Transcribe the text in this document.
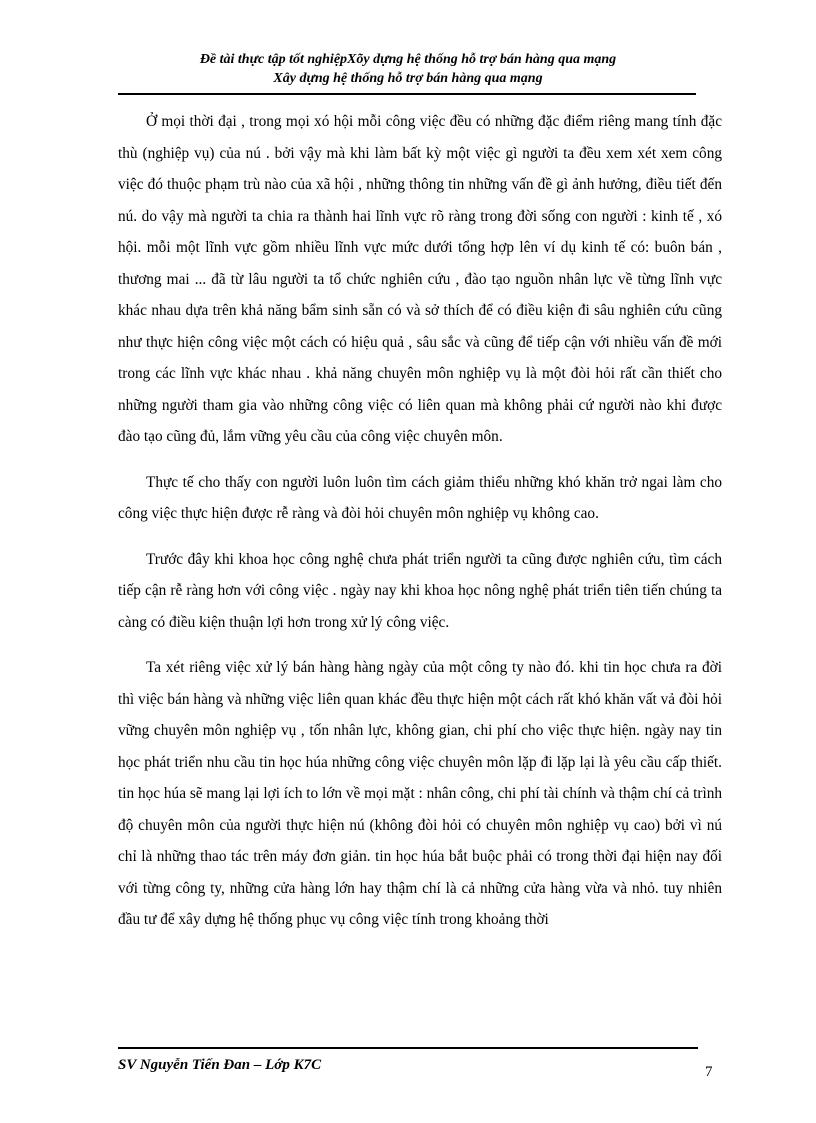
Đề tài thực tập tốt nghiệpXõy dựng hệ thống hỗ trợ bán hàng qua mạng
Xây dựng hệ thống hỗ trợ bán hàng qua mạng

Ở mọi thời đại , trong mọi xó hội mỗi công việc đều có những đặc điểm riêng mang tính đặc thù (nghiệp vụ) của nú . bởi vậy mà khi làm bất kỳ một việc gì người ta đều xem xét xem công việc đó thuộc phạm trù nào của xã hội , những thông tin những vấn đề gì ảnh hưởng, điều tiết đến nú. do vậy mà người ta chia ra thành hai lĩnh vực rõ ràng trong đời sống con người : kinh tế , xó hội. mỗi một lĩnh vực gồm nhiều lĩnh vực mức dưới tổng hợp lên ví dụ kinh tế có: buôn bán , thương mai ... đã từ lâu người ta tổ chức nghiên cứu , đào tạo nguồn nhân lực về từng lĩnh vực khác nhau dựa trên khả năng bẩm sinh sẵn có và sở thích để có điều kiện đi sâu nghiên cứu cũng như thực hiện công việc một cách có hiệu quả , sâu sắc và cũng để tiếp cận với nhiều vấn đề mới trong các lĩnh vực khác nhau . khả năng chuyên môn nghiệp vụ là một đòi hỏi rất cần thiết cho những người tham gia vào những công việc có liên quan mà không phải cứ người nào khi được đào tạo cũng đủ, lắm vững yêu cầu của công việc chuyên môn.

Thực tế cho thấy con người luôn luôn tìm cách giảm thiểu những khó khăn trở ngai làm cho công việc thực hiện được rễ ràng và đòi hỏi chuyên môn nghiệp vụ không cao.

Trước đây khi khoa học công nghệ chưa phát triển người ta cũng được nghiên cứu, tìm cách tiếp cận rễ ràng hơn với công việc . ngày nay khi khoa học nông nghệ phát triển tiên tiến chúng ta càng có điều kiện thuận lợi hơn trong xử lý công việc.

Ta xét riêng việc xử lý bán hàng hàng ngày của một công ty nào đó. khi tin học chưa ra đời thì việc bán hàng và những việc liên quan khác đều thực hiện một cách rất khó khăn vất vả đòi hỏi vững chuyên môn nghiệp vụ , tốn nhân lực, không gian, chi phí cho việc thực hiện. ngày nay tin học phát triển nhu cầu tin học húa những công việc chuyên môn lặp đi lặp lại là yêu cầu cấp thiết. tin học húa sẽ mang lại lợi ích to lớn về mọi mặt : nhân công, chi phí tài chính và thậm chí cả trình độ chuyên môn của người thực hiện nú (không đòi hỏi có chuyên môn nghiệp vụ cao) bởi vì nú chỉ là những thao tác trên máy đơn giản. tin học húa bắt buộc phải có trong thời đại hiện nay đối với từng công ty, những cửa hàng lớn hay thậm chí là cả những cửa hàng vừa và nhỏ. tuy nhiên đầu tư để xây dựng hệ thống phục vụ công việc tính trong khoảng thời

SV Nguyễn Tiến Đan – Lớp K7C	7
